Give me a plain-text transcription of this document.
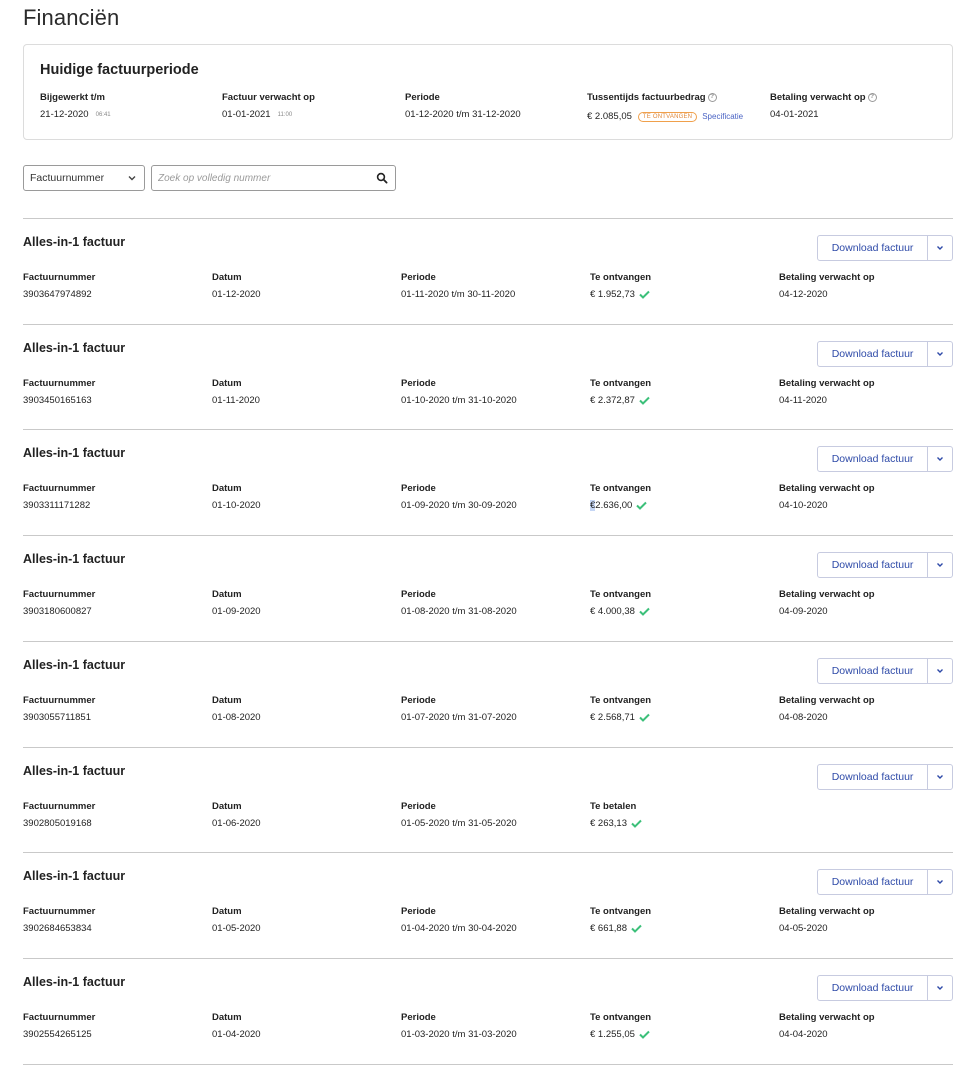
Financiën
Huidige factuurperiode
Bijgewerkt t/m
21-12-2020 06:41
Factuur verwacht op
01-01-2021 11:00
Periode
01-12-2020 t/m 31-12-2020
Tussentijds factuurbedrag ?
€ 2.085,05	TE ONTVANGEN	Specificatie
Betaling verwacht op ?
04-01-2021
Factuurnummer
Zoek op volledig nummer
Alles-in-1 factuur	Download factuur
Factuurnummer
3903647974892
Datum
01-12-2020
Periode
01-11-2020 t/m 30-11-2020
Te ontvangen
€ 1.952,73
Betaling verwacht op
04-12-2020
Alles-in-1 factuur	Download factuur
Factuurnummer
3903450165163
Datum
01-11-2020
Periode
01-10-2020 t/m 31-10-2020
Te ontvangen
€ 2.372,87
Betaling verwacht op
04-11-2020
Alles-in-1 factuur	Download factuur
Factuurnummer
3903311171282
Datum
01-10-2020
Periode
01-09-2020 t/m 30-09-2020
Te ontvangen
€ 2.636,00
Betaling verwacht op
04-10-2020
Alles-in-1 factuur	Download factuur
Factuurnummer
3903180600827
Datum
01-09-2020
Periode
01-08-2020 t/m 31-08-2020
Te ontvangen
€ 4.000,38
Betaling verwacht op
04-09-2020
Alles-in-1 factuur	Download factuur
Factuurnummer
3903055711851
Datum
01-08-2020
Periode
01-07-2020 t/m 31-07-2020
Te ontvangen
€ 2.568,71
Betaling verwacht op
04-08-2020
Alles-in-1 factuur	Download factuur
Factuurnummer
3902805019168
Datum
01-06-2020
Periode
01-05-2020 t/m 31-05-2020
Te betalen
€ 263,13
Alles-in-1 factuur	Download factuur
Factuurnummer
3902684653834
Datum
01-05-2020
Periode
01-04-2020 t/m 30-04-2020
Te ontvangen
€ 661,88
Betaling verwacht op
04-05-2020
Alles-in-1 factuur	Download factuur
Factuurnummer
3902554265125
Datum
01-04-2020
Periode
01-03-2020 t/m 31-03-2020
Te ontvangen
€ 1.255,05
Betaling verwacht op
04-04-2020
